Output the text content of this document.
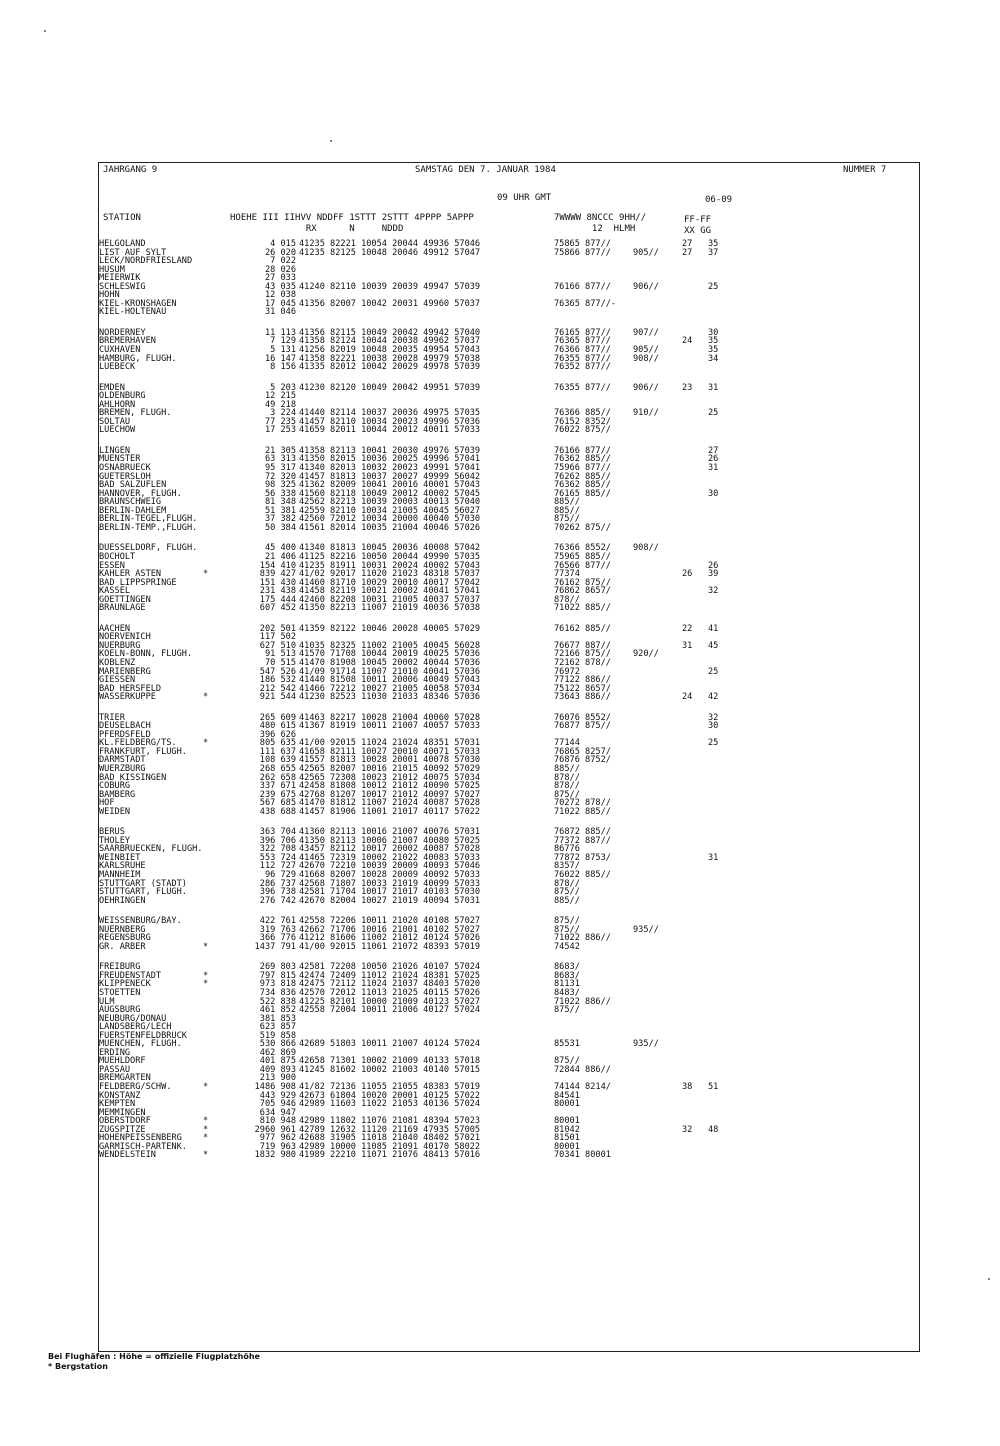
JAHRGANG 9	SAMSTAG DEN 7. JANUAR 1984	NUMMER 7
09 UHR GMT	06-09
STATION	HOEHE III IIHVV NDDFF 1STTT 2STTT 4PPPP 5APPP
RX      N     NDDD
7WWWW 8NCCC 9HH//
12  HLMH
FF-FF
XX GG
HELGOLAND	4 015 41235 82221 10054 20044 49936 57046	75865 877//	27 35
LIST AUF SYLT	26 020 41235 82125 10048 20046 49912 57047	75866 877//	905//	27 37
LECK/NORDFRIESLAND	7 022
HUSUM	28 026
MEIERWIK	27 033
SCHLESWIG	43 035 41240 82110 10039 20039 49947 57039	76166 877//	906//	25
HOHN	12 038
KIEL-KRONSHAGEN	17 045 41356 82007 10042 20031 49960 57037	76365 877//-
KIEL-HOLTENAU	31 046
NORDERNEY	11 113 41356 82115 10049 20042 49942 57040	76165 877//	907//	30
BREMERHAVEN	7 129 41358 82124 10044 20038 49962 57037	76365 877//	24 35
CUXHAVEN	5 131 41256 82019 10048 20035 49954 57043	76366 877//	905//	35
HAMBURG, FLUGH.	16 147 41358 82221 10038 20028 49979 57038	76355 877//	908//	34
LUEBECK	8 156 41335 82012 10042 20029 49978 57039	76352 877//
EMDEN	5 203 41230 82120 10049 20042 49951 57039	76355 877//	906//	23 31
OLDENBURG	12 215
AHLHORN	49 218
BREMEN, FLUGH.	3 224 41440 82114 10037 20036 49975 57035	76366 885//	910//	25
SOLTAU	77 235 41457 82110 10034 20023 49996 57036	76152 8352/
LUECHOW	17 253 41659 82011 10044 20012 40011 57033	76022 875//
LINGEN	21 305 41358 82113 10041 20030 49976 57039	76166 877//	27
MUENSTER	63 313 41350 82015 10036 20025 49996 57041	76362 885//	26
OSNABRUECK	95 317 41340 82013 10032 20023 49991 57041	75966 877//	31
GUETERSLOH	72 320 41457 81813 10037 20027 49999 56042	76262 885//
BAD SALZUFLEN	98 325 41362 82009 10041 20016 40001 57043	76362 885//
HANNOVER, FLUGH.	56 338 41560 82118 10049 20012 40002 57045	76165 885//	30
BRAUNSCHWEIG	81 348 42562 82213 10039 20003 40013 57040	885//
BERLIN-DAHLEM	51 381 42559 82110 10034 21005 40045 56027	885//
BERLIN-TEGEL,FLUGH.	37 382 42560 72012 10034 20000 40040 57030	875//
BERLIN-TEMP.,FLUGH.	50 384 41561 82014 10035 21004 40046 57026	70262 875//
DUESSELDORF, FLUGH.	45 400 41340 81813 10045 20036 40008 57042	76366 8552/	908//
BOCHOLT	21 406 41125 82216 10050 20044 49990 57035	75965 885//
ESSEN	154 410 41235 81911 10031 20024 40002 57043	76566 877//	26
KAHLER ASTEN	*	839 427 41/02 92017 11020 21023 48318 57037	77374	26 39
BAD LIPPSPRINGE	151 430 41460 81710 10029 20010 40017 57042	76162 875//
KASSEL	231 438 41458 82119 10021 20002 40041 57041	76862 8657/	32
GOETTINGEN	175 444 42460 82208 10031 21005 40037 57037	878//
BRAUNLAGE	607 452 41350 82213 11007 21019 40036 57038	71022 885//
AACHEN	202 501 41359 82122 10046 20028 40005 57029	76162 885//	22 41
NOERVENICH	117 502
NUERBURG	627 510 41035 82325 11002 21005 40045 56028	76677 887//	31 45
KOELN-BONN, FLUGH.	91 513 41570 71708 10044 20019 40025 57036	72166 875//	920//
KOBLENZ	70 515 41470 81908 10045 20002 40044 57036	72162 878//
MARIENBERG	547 526 41/09 91714 11007 21010 40041 57036	76972	25
GIESSEN	186 532 41440 81508 10011 20006 40049 57043	77122 886//
BAD HERSFELD	212 542 41466 72212 10027 21005 40058 57034	75122 8657/
WASSERKUPPE	*	921 544 41230 82523 11030 21033 48346 57036	73643 886//	24 42
TRIER	265 609 41463 82217 10028 21004 40060 57028	76076 8552/	32
DEUSELBACH	480 615 41367 81919 10011 21007 40057 57033	76877 875//	30
PFERDSFELD	396 626
KL.FELDBERG/TS.	*	805 635 41/00 92015 11024 21024 48351 57031	77144	25
FRANKFURT, FLUGH.	111 637 41658 82111 10027 20010 40071 57033	76865 8257/
DARMSTADT	108 639 41557 81813 10028 20001 40078 57030	76876 8752/
WUERZBURG	268 655 42565 82007 10016 21015 40092 57029	885//
BAD KISSINGEN	262 658 42565 72308 10023 21012 40075 57034	878//
COBURG	337 671 42458 81808 10012 21012 40090 57025	878//
BAMBERG	239 675 42768 81207 10017 21012 40097 57027	875//
HOF	567 685 41470 81812 11007 21024 40087 57028	70272 878//
WEIDEN	438 688 41457 81906 11001 21017 40117 57022	71022 885//
BERUS	363 704 41360 82113 10016 21007 40076 57031	76872 885//
THOLEY	396 706 41350 82113 10006 21007 40080 57025	77372 887//
SAARBRUECKEN, FLUGH.	322 708 43457 82112 10017 20002 40087 57028	86776
WEINBIET	553 724 41465 72319 10002 21022 40083 57033	77872 8753/	31
KARLSRUHE	112 727 42670 72210 10039 20009 40093 57046	8357/
MANNHEIM	96 729 41668 82007 10028 20009 40092 57033	76022 885//
STUTTGART (STADT)	286 737 42568 71807 10033 21019 40099 57033	878//
STUTTGART, FLUGH.	396 738 42581 71704 10017 21017 40103 57030	875//
OEHRINGEN	276 742 42670 82004 10027 21019 40094 57031	885//
WEISSENBURG/BAY.	422 761 42558 72206 10011 21020 40108 57027	875//
NUERNBERG	319 763 42662 71706 10016 21001 40102 57027	875//	935//
REGENSBURG	366 776 41212 81606 11002 21012 40124 57026	71022 886//
GR. ARBER	*	1437 791 41/00 92015 11061 21072 48393 57019	74542
FREIBURG	269 803 42581 72208 10050 21026 40107 57024	8683/
FREUDENSTADT	*	797 815 42474 72409 11012 21024 48381 57025	8683/
KLIPPENECK	*	973 818 42475 72112 11024 21037 48403 57020	81131
STOETTEN	734 836 42570 72012 11013 21025 40115 57026	8483/
ULM	522 838 41225 82101 10000 21009 40123 57027	71022 886//
AUGSBURG	461 852 42558 72004 10011 21006 40127 57024	875//
NEUBURG/DONAU	381 853
LANDSBERG/LECH	623 857
FUERSTENFELDBRUCK	519 858
MUENCHEN, FLUGH.	530 866 42689 51803 10011 21007 40124 57024	85531	935//
ERDING	462 869
MUEHLDORF	401 875 42658 71301 10002 21009 40133 57018	875//
PASSAU	409 893 41245 81602 10002 21003 40140 57015	72844 886//
BREMGARTEN	213 900
FELDBERG/SCHW.	*	1486 908 41/82 72136 11055 21055 48383 57019	74144 8214/	38 51
KONSTANZ	443 929 42673 61804 10020 20001 40125 57022	84541
KEMPTEN	705 946 42989 11603 11022 21053 40136 57024	80001
MEMMINGEN	634 947
OBERSTDORF	*	810 948 42989 11802 11076 21081 48394 57023	80001
ZUGSPITZE	*	2960 961 42789 12632 11120 21169 47935 57005	81042	32 48
HOHENPEISSENBERG *	977 962 42688 31905 11018 21040 48402 57021	81501
GARMISCH-PARTENK.	719 963 42989 10000 11085 21091 40170 58022	80001
WENDELSTEIN	*	1832 980 41989 22210 11071 21076 48413 57016	70341 80001
Bei Flughäfen : Höhe = offizielle Flugplatzhöhe
* Bergstation
